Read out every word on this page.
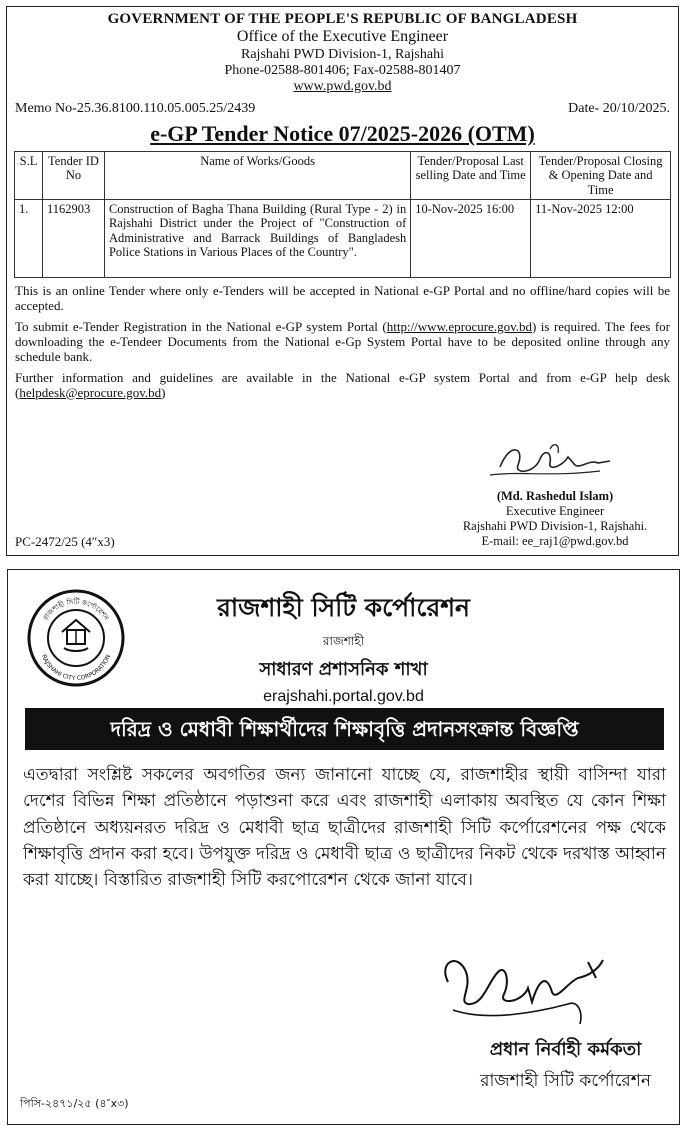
GOVERNMENT OF THE PEOPLE'S REPUBLIC OF BANGLADESH
Office of the Executive Engineer
Rajshahi PWD Division-1, Rajshahi
Phone-02588-801406; Fax-02588-801407
www.pwd.gov.bd
Memo No-25.36.8100.110.05.005.25/2439	Date- 20/10/2025.
e-GP Tender Notice 07/2025-2026 (OTM)
S.L	Tender ID No	Name of Works/Goods	Tender/Proposal Last selling Date and Time	Tender/Proposal Closing & Opening Date and Time
1.	1162903	Construction of Bagha Thana Building (Rural Type - 2) in Rajshahi District under the Project of "Construction of Administrative and Barrack Buildings of Bangladesh Police Stations in Various Places of the Country".	10-Nov-2025 16:00	11-Nov-2025 12:00
This is an online Tender where only e-Tenders will be accepted in National e-GP Portal and no offline/hard copies will be accepted.
To submit e-Tender Registration in the National e-GP system Portal (http://www.eprocure.gov.bd) is required. The fees for downloading the e-Tendeer Documents from the National e-Gp System Portal have to be deposited online through any schedule bank.
Further information and guidelines are available in the National e-GP system Portal and from e-GP help desk (helpdesk@eprocure.gov.bd)
(Md. Rashedul Islam)
Executive Engineer
Rajshahi PWD Division-1, Rajshahi.
E-mail: ee_raj1@pwd.gov.bd
PC-2472/25 (4″x3)
রাজশাহী সিটি কর্পোরেশন
RAJSHAHI CITY CORPORATION
রাজশাহী সিটি কর্পোরেশন
রাজশাহী
সাধারণ প্রশাসনিক শাখা
erajshahi.portal.gov.bd
দরিদ্র ও মেধাবী শিক্ষার্থীদের শিক্ষাবৃত্তি প্রদানসংক্রান্ত বিজ্ঞপ্তি
এতদ্বারা সংশ্লিষ্ট সকলের অবগতির জন্য জানানো যাচ্ছে যে, রাজশাহীর স্থায়ী বাসিন্দা যারা দেশের বিভিন্ন শিক্ষা প্রতিষ্ঠানে পড়াশুনা করে এবং রাজশাহী এলাকায় অবস্থিত যে কোন শিক্ষা প্রতিষ্ঠানে অধ্যয়নরত দরিদ্র ও মেধাবী ছাত্র ছাত্রীদের রাজশাহী সিটি কর্পোরেশনের পক্ষ থেকে শিক্ষাবৃত্তি প্রদান করা হবে। উপযুক্ত দরিদ্র ও মেধাবী ছাত্র ও ছাত্রীদের নিকট থেকে দরখাস্ত আহ্বান করা যাচ্ছে। বিস্তারিত রাজশাহী সিটি করপোরেশন থেকে জানা যাবে।
প্রধান নির্বাহী কর্মকতা
রাজশাহী সিটি কর্পোরেশন
পিসি-২৪৭১/২৫ (৪″x৩)
